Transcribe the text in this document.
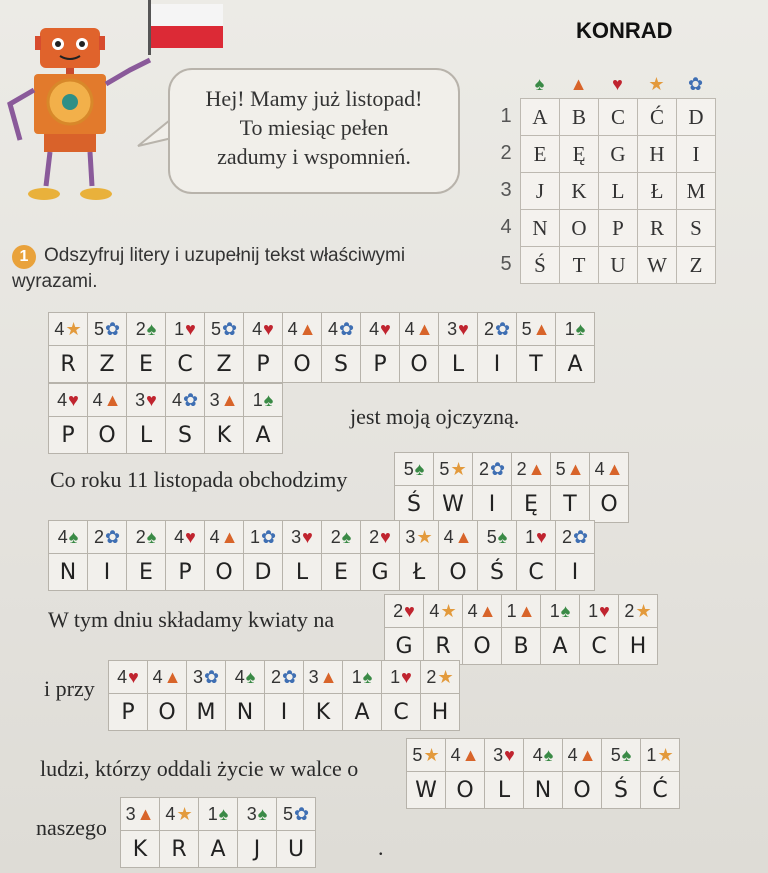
Hej! Mamy już listopad!
To miesiąc pełen
zadumy i wspomnień.
KONRAD
♠	▲	♥	★	✿
1 A	B	C	Ć	D
2	E	Ę	G	H	I
3	J	K	L	Ł	M
4 N	O	P	R	S
5	Ś	T	U	W	Z
1 Odszyfruj litery i uzupełnij tekst właściwymi wyrazami.
4★	5✿	2♠	1♥	5✿	4♥	4▲	4✿	4♥	4▲	3♥	2✿	5▲	1♠
R	Z	E	C	Z	P	O	S	P	O	L	I	T	A
4♥	4▲	3♥	4✿	3▲	1♠
P	O	L	S	K	A
jest moją ojczyzną.
Co roku 11 listopada obchodzimy	5♠	5★	2✿	2▲	5▲	4▲
Ś	W	I	Ę	T	O
4♠	2✿	2♠	4♥	4▲	1✿	3♥	2♠	2♥	3★	4▲	5♠	1♥	2✿
N	I	E	P	O	D	L	E	G	Ł	O	Ś	C	I
W tym dniu składamy kwiaty na	2♥	4★	4▲	1▲	1♠	1♥	2★
G	R	O	B	A	C	H
i przy 4♥	4▲	3✿	4♠	2✿	3▲	1♠	1♥	2★
P	O	M	N	I	K	A	C	H
ludzi, którzy oddali życie w walce o
5★	4▲	3♥	4♠	4▲	5♠	1★
W	O	L	N	O	Ś	Ć
naszego
3▲	4★	1♠	3♠	5✿
K	R	A	J	U	.
